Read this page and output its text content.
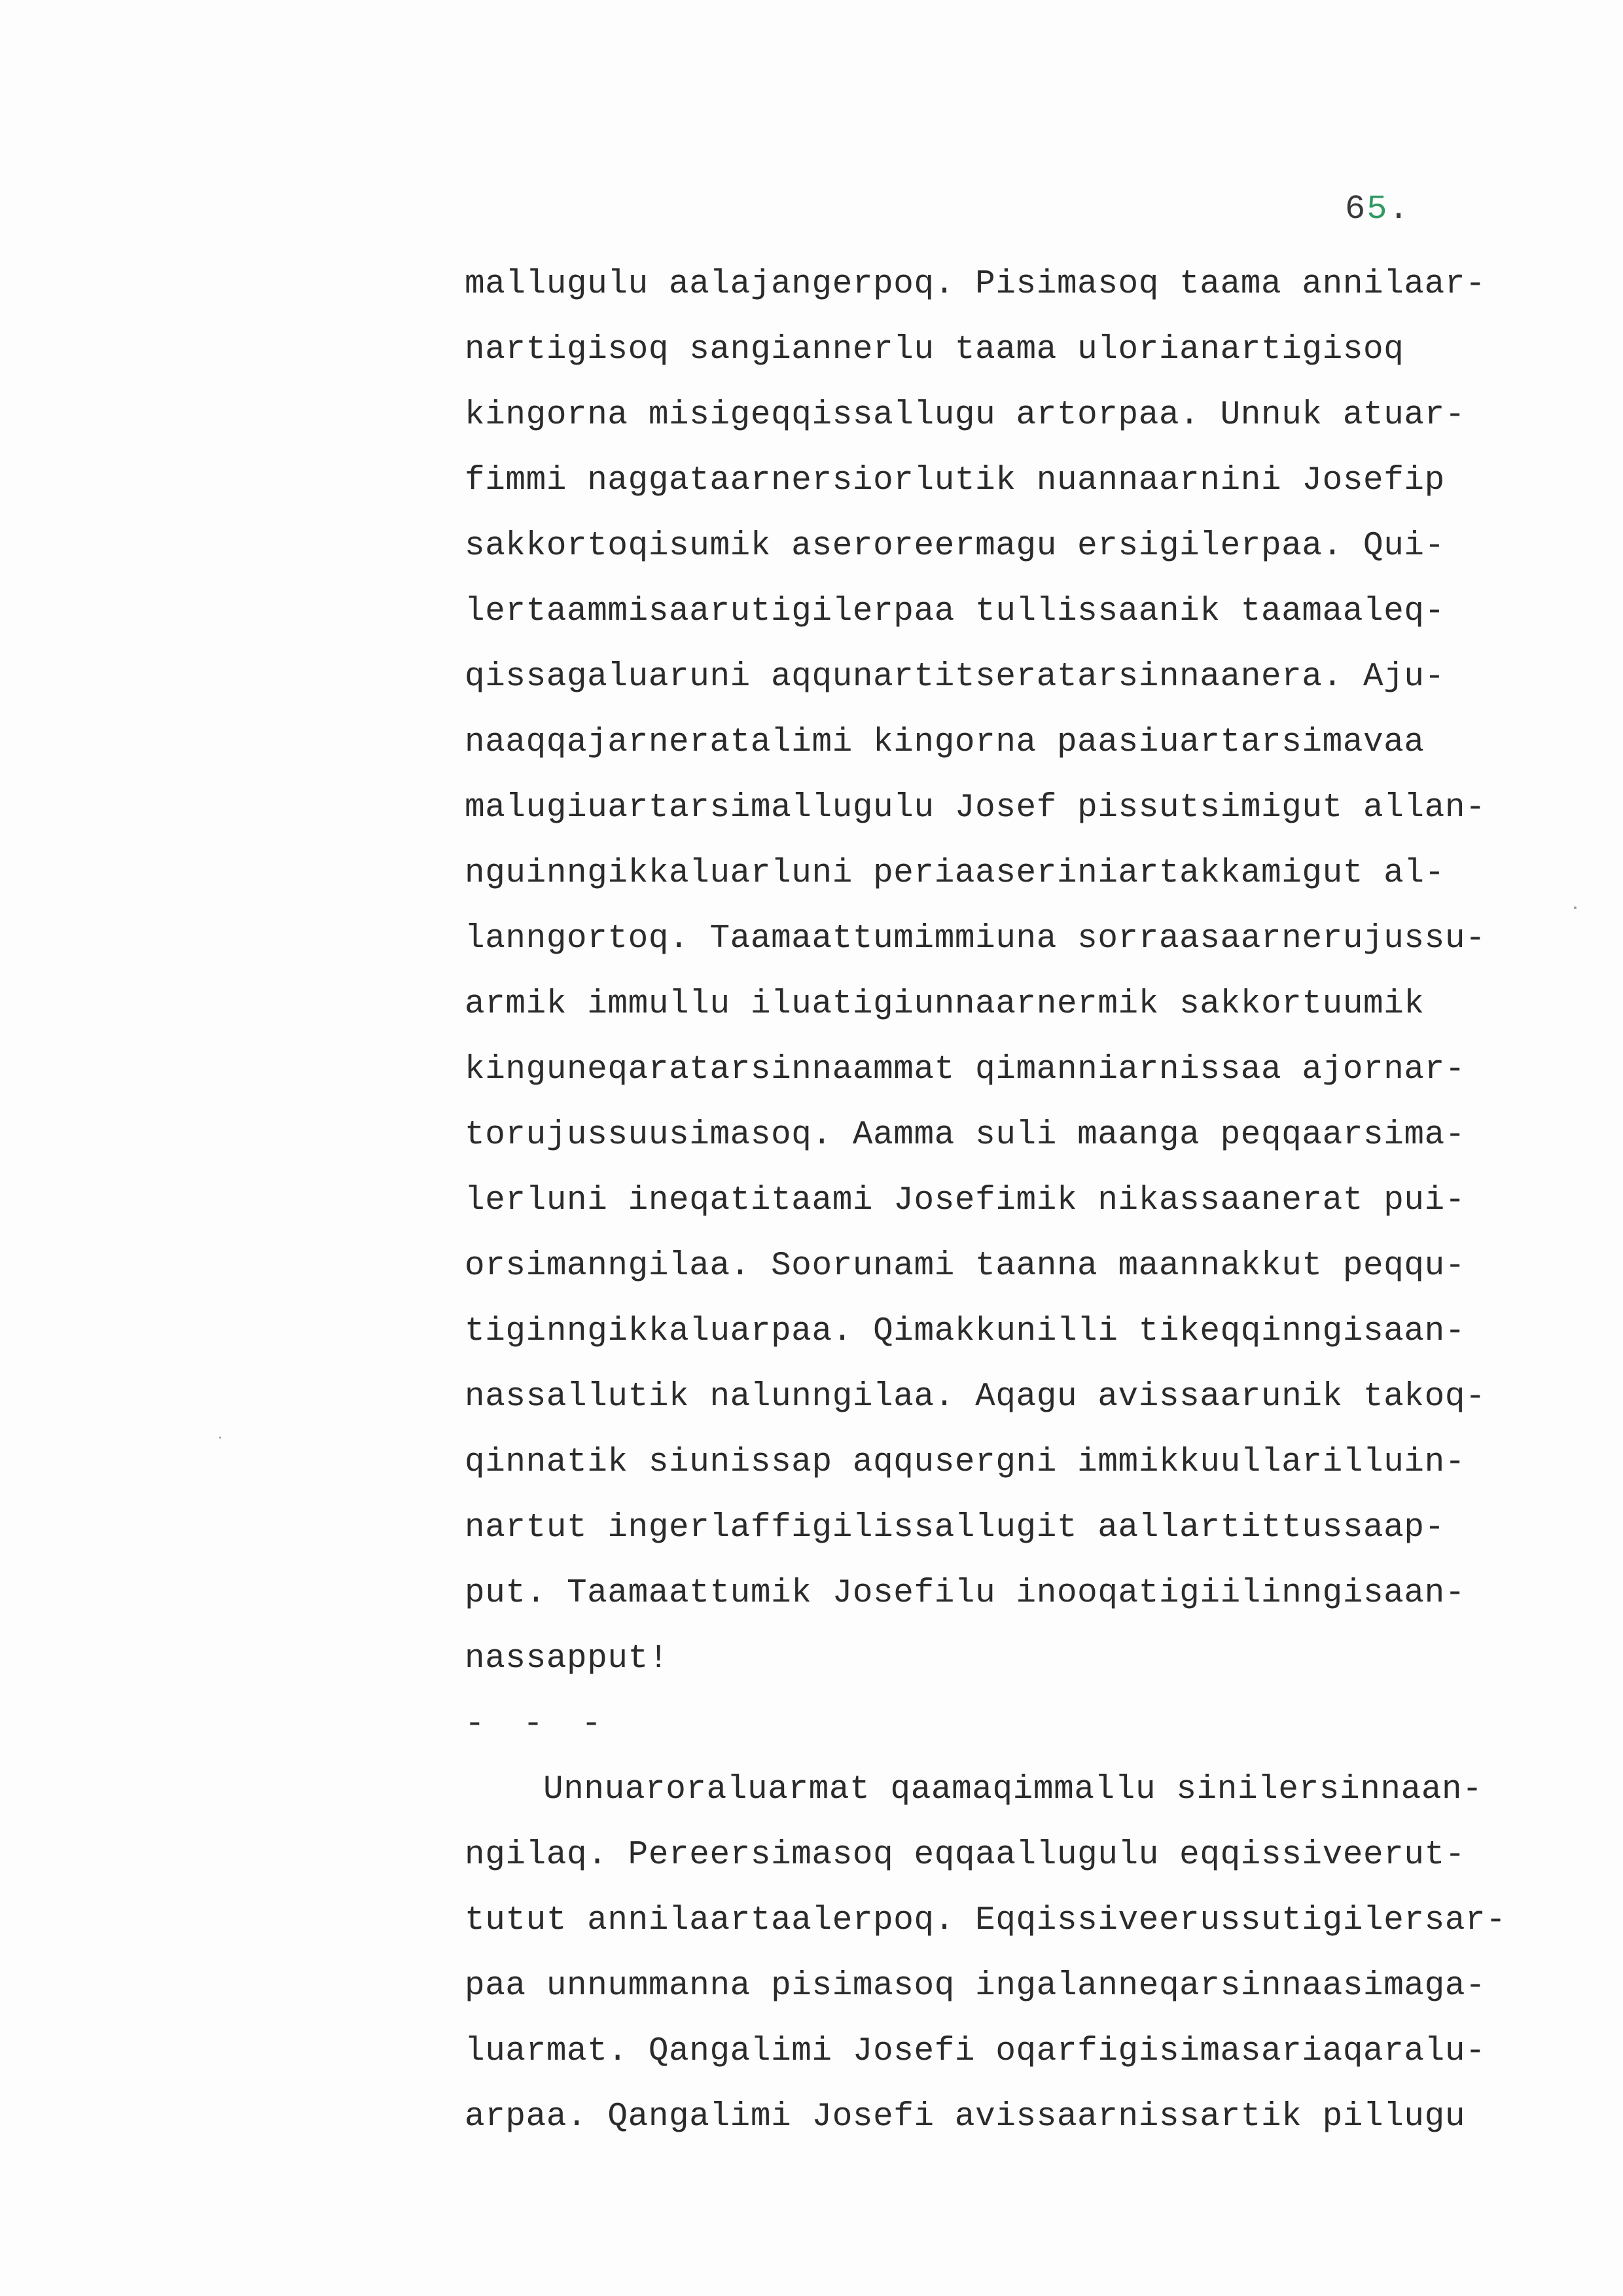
65.
mallugulu aalajangerpoq. Pisimasoq taama annilaar-
nartigisoq sangiannerlu taama ulorianartigisoq
kingorna misigeqqissallugu artorpaa. Unnuk atuar-
fimmi naggataarnersiorlutik nuannaarnini Josefip
sakkortoqisumik aseroreermagu ersigilerpaa. Qui-
lertaammisaarutigilerpaa tullissaanik taamaaleq-
qissagaluaruni aqqunartitseratarsinnaanera. Aju-
naaqqajarneratalimi kingorna paasiuartarsimavaa
malugiuartarsimallugulu Josef pissutsimigut allan-
nguinngikkaluarluni periaaseriniartakkamigut al-
lanngortoq. Taamaattumimmiuna sorraasaarnerujussu-
armik immullu iluatigiunnaarnermik sakkortuumik
kinguneqaratarsinnaammat qimanniarnissaa ajornar-
torujussuusimasoq. Aamma suli maanga peqqaarsima-
lerluni ineqatitaami Josefimik nikassaanerat pui-
orsimanngilaa. Soorunami taanna maannakkut peqqu-
tiginngikkaluarpaa. Qimakkunilli tikeqqinngisaan-
nassallutik nalunngilaa. Aqagu avissaarunik takoq-
qinnatik siunissap aqqusergni immikkuullarilluin-
nartut ingerlaffigilissallugit aallartittussaap-
put. Taamaattumik Josefilu inooqatigiilinngisaan-
nassapput!
- - -
Unnuaroraluarmat qaamaqimmallu sinilersinnaan-
ngilaq. Pereersimasoq eqqaallugulu eqqissiveerut-
tutut annilaartaalerpoq. Eqqissiveerussutigilersar-
paa unnummanna pisimasoq ingalanneqarsinnaasimaga-
luarmat. Qangalimi Josefi oqarfigisimasariaqaralu-
arpaa. Qangalimi Josefi avissaarnissartik pillugu
